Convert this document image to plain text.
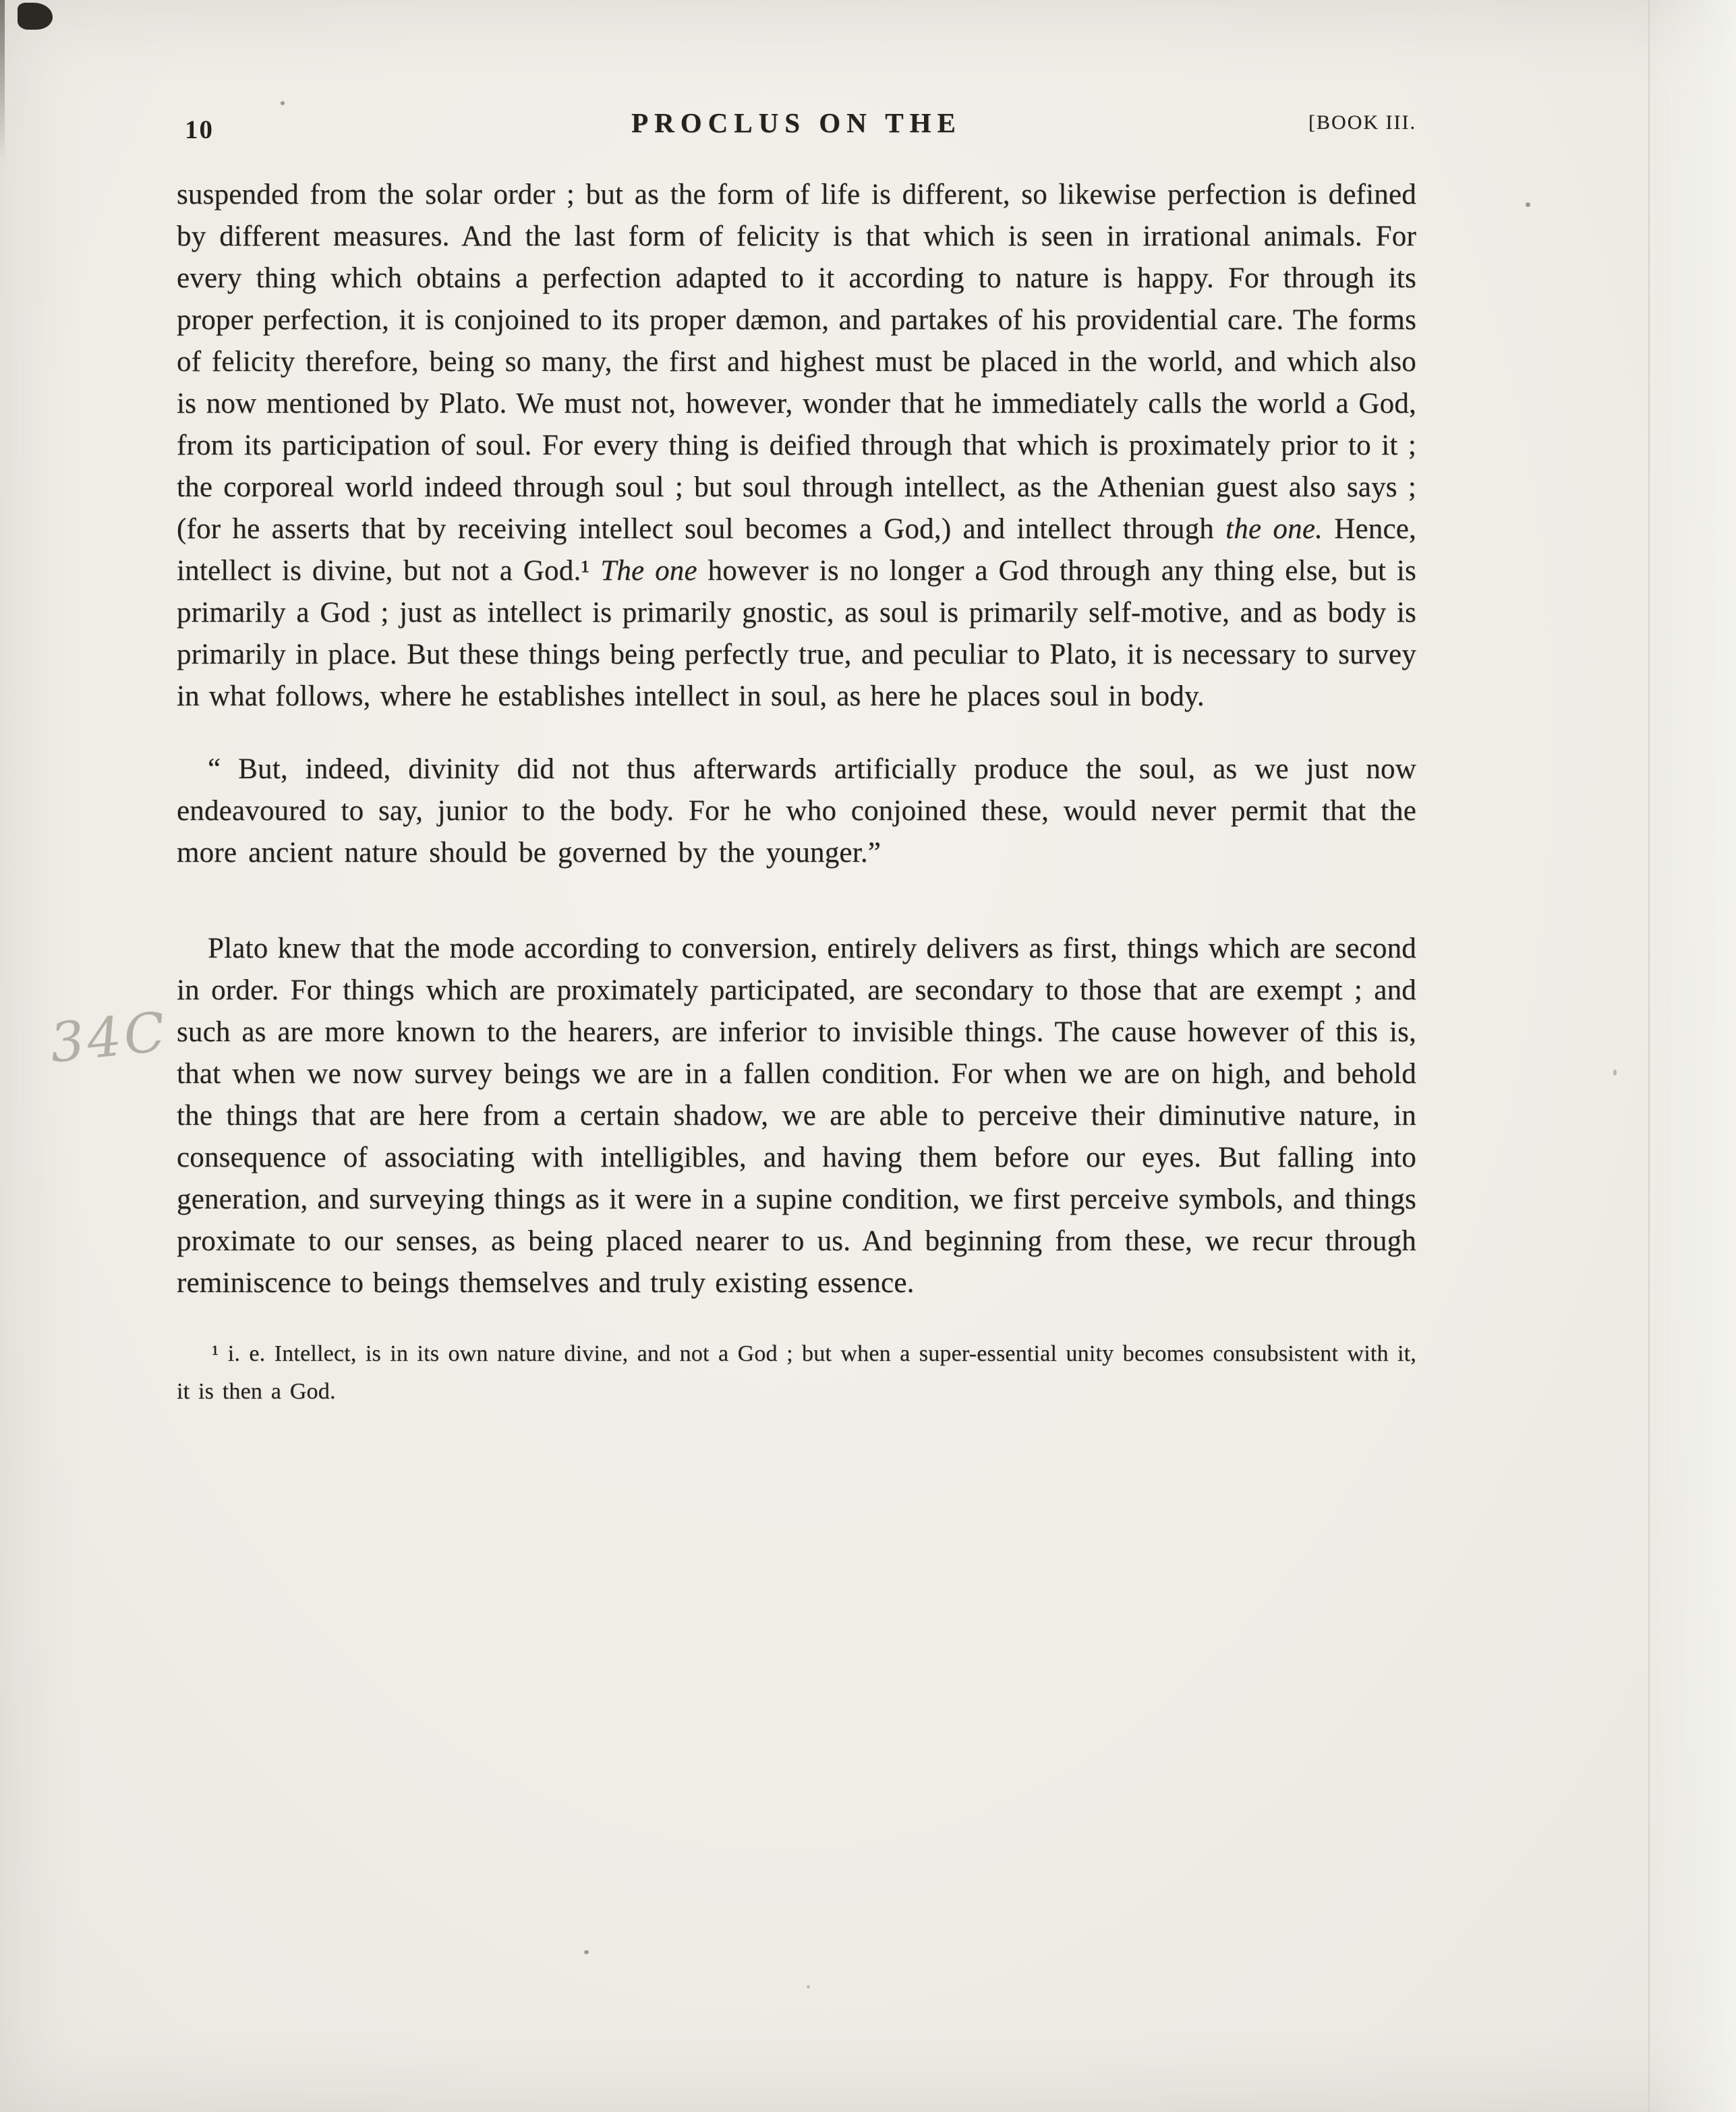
10	PROCLUS ON THE	[BOOK III.
34C

suspended from the solar order ; but as the form of life is different, so likewise perfection is defined by different measures. And the last form of felicity is that which is seen in irrational animals. For every thing which obtains a perfection adapted to it according to nature is happy. For through its proper perfection, it is conjoined to its proper dæmon, and partakes of his providential care. The forms of felicity therefore, being so many, the first and highest must be placed in the world, and which also is now mentioned by Plato. We must not, however, wonder that he immediately calls the world a God, from its participation of soul. For every thing is deified through that which is proximately prior to it ; the corporeal world indeed through soul ; but soul through intellect, as the Athenian guest also says ; (for he asserts that by receiving intellect soul becomes a God,) and intellect through the one. Hence, intellect is divine, but not a God.¹ The one however is no longer a God through any thing else, but is primarily a God ; just as intellect is primarily gnostic, as soul is primarily self-motive, and as body is primarily in place. But these things being perfectly true, and peculiar to Plato, it is necessary to survey in what follows, where he establishes intellect in soul, as here he places soul in body.

“ But, indeed, divinity did not thus afterwards artificially produce the soul, as we just now endeavoured to say, junior to the body. For he who conjoined these, would never permit that the more ancient nature should be governed by the younger.”

Plato knew that the mode according to conversion, entirely delivers as first, things which are second in order. For things which are proximately participated, are secondary to those that are exempt ; and such as are more known to the hearers, are inferior to invisible things. The cause however of this is, that when we now survey beings we are in a fallen condition. For when we are on high, and behold the things that are here from a certain shadow, we are able to perceive their diminutive nature, in consequence of associating with intelligibles, and having them before our eyes. But falling into generation, and surveying things as it were in a supine condition, we first perceive symbols, and things proximate to our senses, as being placed nearer to us. And beginning from these, we recur through reminiscence to beings themselves and truly existing essence.

¹ i. e. Intellect, is in its own nature divine, and not a God ; but when a super-essential unity becomes consubsistent with it, it is then a God.
